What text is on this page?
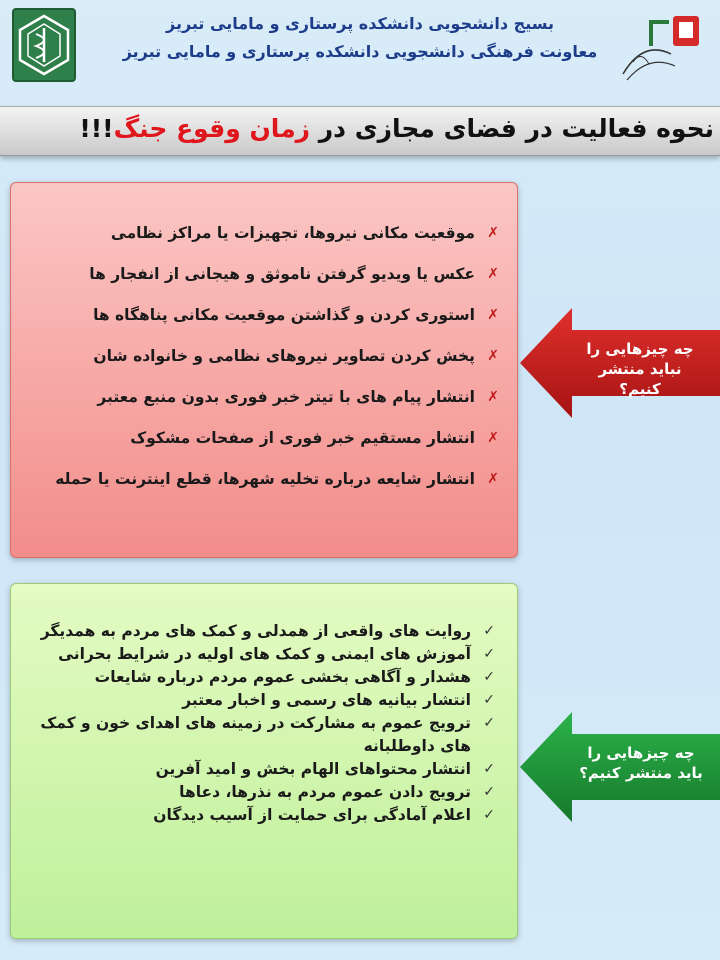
بسیج دانشجویی دانشکده پرستاری و مامایی تبریز
معاونت فرهنگی دانشجویی دانشکده پرستاری و مامایی تبریز
نحوه فعالیت در فضای مجازی در زمان وقوع جنگ!!!
✗
موقعیت مکانی نیروها، تجهیزات یا مراکز نظامی
✗
عکس یا ویدیو گرفتن ناموثق و هیجانی از انفجار ها
✗
استوری کردن و گذاشتن موقعیت مکانی پناهگاه ها
✗
پخش کردن تصاویر نیروهای نظامی و خانواده شان
✗
انتشار پیام های با تیتر خبر فوری بدون منبع معتبر
✗
انتشار مستقیم خبر فوری از صفحات مشکوک
✗
انتشار شایعه درباره تخلیه شهرها، قطع اینترنت یا حمله
چه چیزهایی را نباید منتشر کنیم؟
✓
روایت های واقعی از همدلی و کمک های مردم به همدیگر
✓
آموزش های ایمنی و کمک های اولیه در شرایط بحرانی
✓
هشدار و آگاهی بخشی عموم مردم درباره شایعات
✓
انتشار بیانیه های رسمی و اخبار معتبر
✓
ترویج عموم به مشارکت در زمینه های اهدای خون و کمک های داوطلبانه
✓
انتشار محتواهای الهام بخش و امید آفرین
✓
ترویج دادن عموم مردم به نذرها، دعاها
✓
اعلام آمادگی برای حمایت از آسیب دیدگان
چه چیزهایی را باید منتشر کنیم؟
